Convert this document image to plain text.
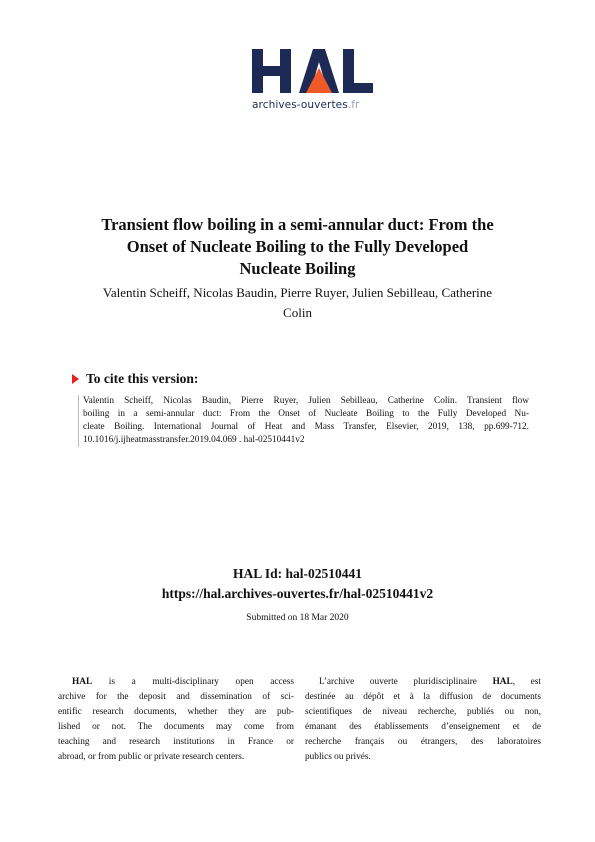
archives-ouvertes.fr
Transient flow boiling in a semi-annular duct: From the
Onset of Nucleate Boiling to the Fully Developed
Nucleate Boiling
Valentin Scheiff, Nicolas Baudin, Pierre Ruyer, Julien Sebilleau, Catherine
Colin
To cite this version:
Valentin Scheiff, Nicolas Baudin, Pierre Ruyer, Julien Sebilleau, Catherine Colin. Transient flow
boiling in a semi-annular duct: From the Onset of Nucleate Boiling to the Fully Developed Nu-
cleate Boiling. International Journal of Heat and Mass Transfer, Elsevier, 2019, 138, pp.699-712.
10.1016/j.ijheatmasstransfer.2019.04.069 . hal-02510441v2
HAL Id: hal-02510441
https://hal.archives-ouvertes.fr/hal-02510441v2
Submitted on 18 Mar 2020
HAL is a multi-disciplinary open access
archive for the deposit and dissemination of sci-
entific research documents, whether they are pub-
lished or not. The documents may come from
teaching and research institutions in France or
abroad, or from public or private research centers.
L’archive ouverte pluridisciplinaire HAL, est
destinée au dépôt et à la diffusion de documents
scientifiques de niveau recherche, publiés ou non,
émanant des établissements d’enseignement et de
recherche français ou étrangers, des laboratoires
publics ou privés.
